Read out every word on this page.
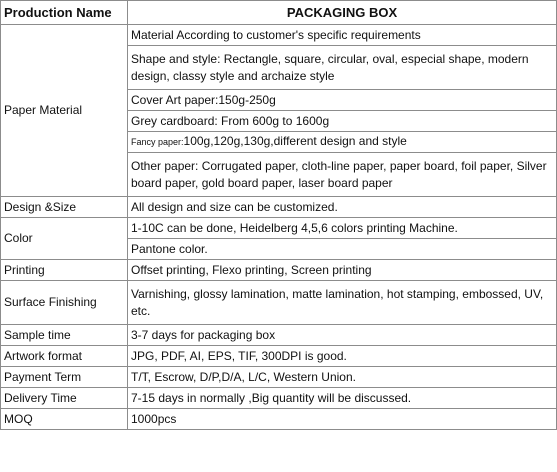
Production Name	PACKAGING BOX
Paper Material	Material According to customer's specific requirements
	Shape and style: Rectangle, square, circular, oval, especial shape, modern design, classy style and archaize style
	Cover Art paper:150g-250g
	Grey cardboard: From 600g to 1600g
	Fancy paper:100g,120g,130g,different design and style
	Other paper: Corrugated paper, cloth-line paper, paper board, foil paper, Silver board paper, gold board paper, laser board paper
Design &Size	All design and size can be customized.
Color	1-10C can be done, Heidelberg 4,5,6 colors printing Machine.
	Pantone color.
Printing	Offset printing, Flexo printing, Screen printing
Surface Finishing	Varnishing, glossy lamination, matte lamination, hot stamping, embossed, UV, etc.
Sample time	3-7 days for packaging box
Artwork format	JPG, PDF, AI, EPS, TIF, 300DPI is good.
Payment Term	T/T, Escrow, D/P,D/A, L/C, Western Union.
Delivery Time	7-15 days in normally ,Big quantity will be discussed.
MOQ	1000pcs
